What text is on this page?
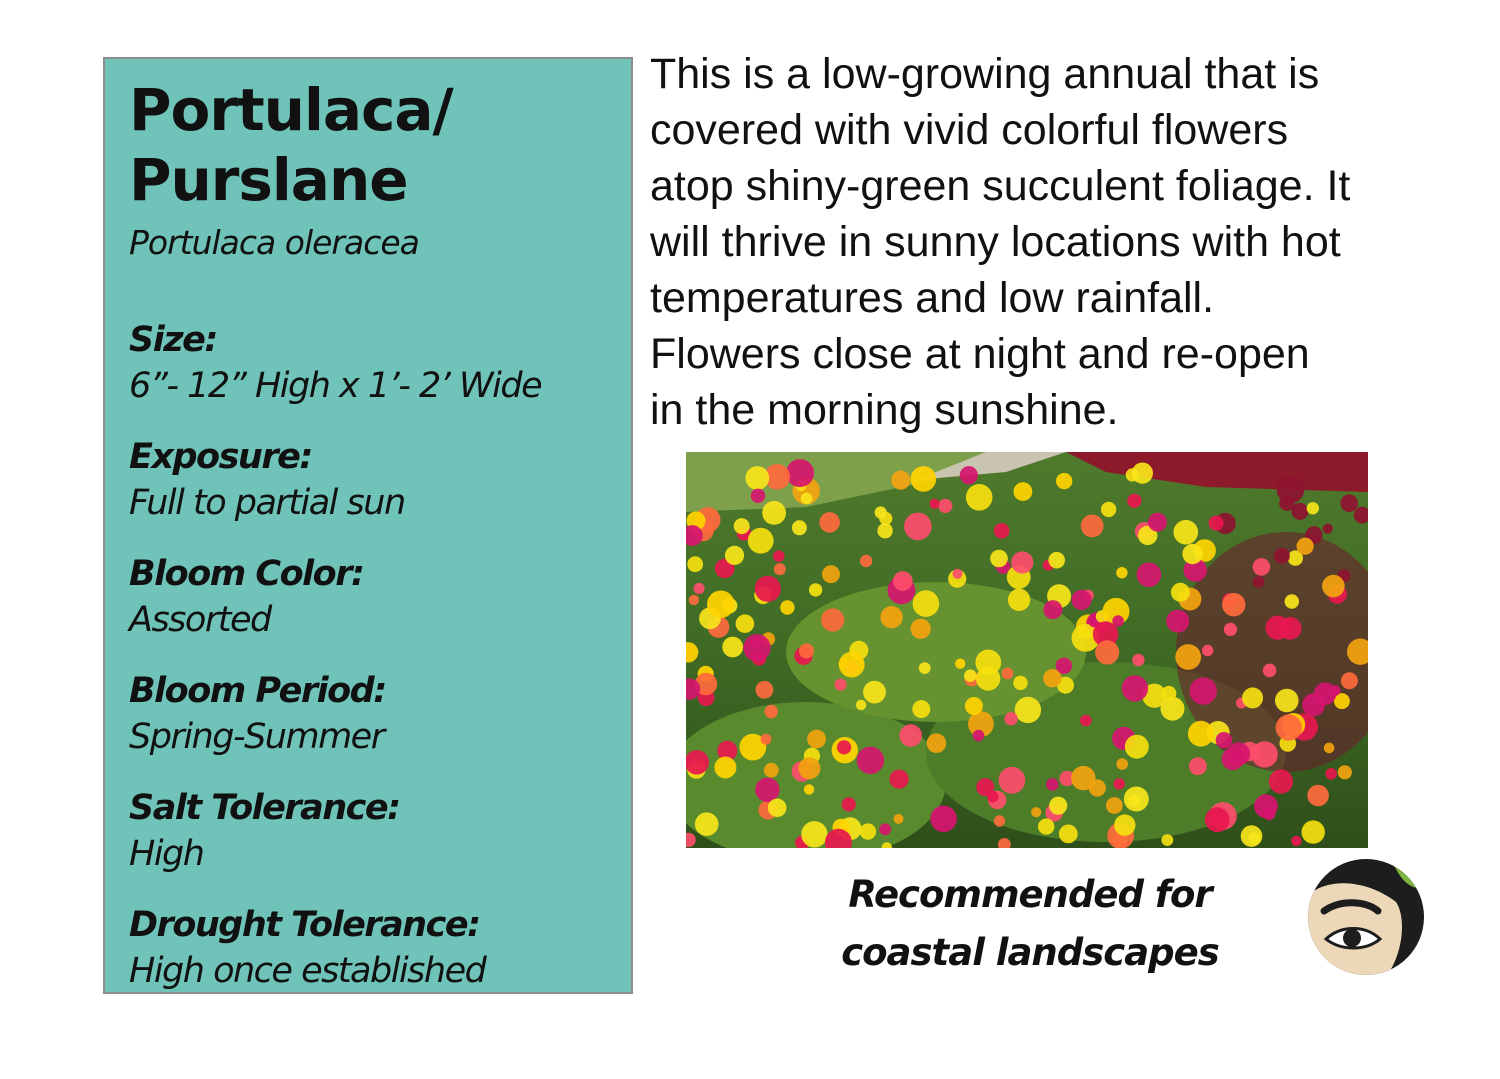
Portulaca/
Purslane
Portulaca oleracea
Size:
6”- 12” High x 1’- 2’ Wide
Exposure:
Full to partial sun
Bloom Color:
Assorted
Bloom Period:
Spring-Summer
Salt Tolerance:
High
Drought Tolerance:
High once established

This is a low-growing annual that is
covered with vivid colorful flowers
atop shiny-green succulent foliage. It
will thrive in sunny locations with hot
temperatures and low rainfall.
Flowers close at night and re-open
in the morning sunshine.

Recommended for
coastal landscapes
